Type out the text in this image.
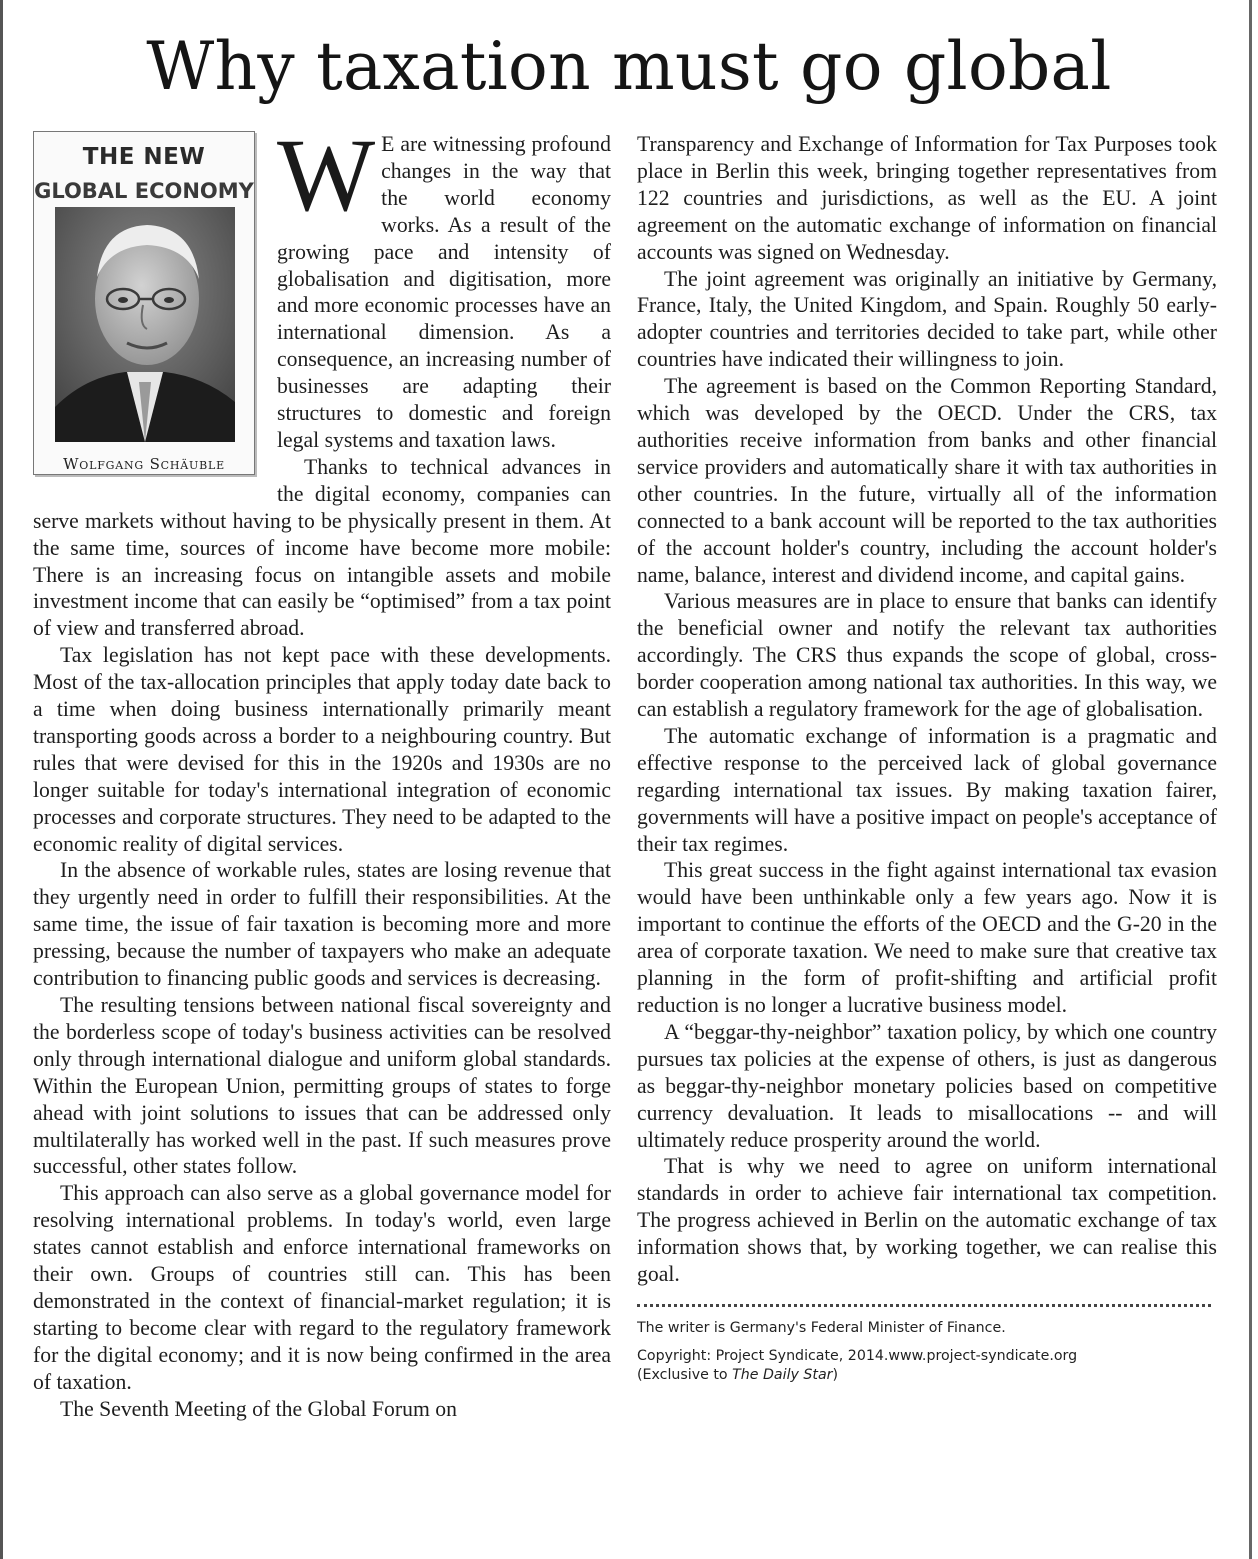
Why taxation must go global
THE NEW
GLOBAL ECONOMY
Wolfgang Schäuble
W E are witnessing profound changes in the way that the world economy works. As a result of the growing pace and intensity of globalisation and digitisation, more and more economic processes have an international dimension. As a consequence, an increasing number of businesses are adapting their structures to domestic and foreign legal systems and taxation laws.

Thanks to technical advances in the digital economy, companies can serve markets without having to be physically present in them. At the same time, sources of income have become more mobile: There is an increasing focus on intangible assets and mobile investment income that can easily be “optimised” from a tax point of view and transferred abroad.

Tax legislation has not kept pace with these developments. Most of the tax-allocation principles that apply today date back to a time when doing business internationally primarily meant transporting goods across a border to a neighbouring country. But rules that were devised for this in the 1920s and 1930s are no longer suitable for today's international integration of economic processes and corporate structures. They need to be adapted to the economic reality of digital services.

In the absence of workable rules, states are losing revenue that they urgently need in order to fulfill their responsibilities. At the same time, the issue of fair taxation is becoming more and more pressing, because the number of taxpayers who make an adequate contribution to financing public goods and services is decreasing.

The resulting tensions between national fiscal sovereignty and the borderless scope of today's business activities can be resolved only through international dialogue and uniform global standards. Within the European Union, permitting groups of states to forge ahead with joint solutions to issues that can be addressed only multilaterally has worked well in the past. If such measures prove successful, other states follow.

This approach can also serve as a global governance model for resolving international problems. In today's world, even large states cannot establish and enforce international frameworks on their own. Groups of countries still can. This has been demonstrated in the context of financial-market regulation; it is starting to become clear with regard to the regulatory framework for the digital economy; and it is now being confirmed in the area of taxation.

The Seventh Meeting of the Global Forum on

Transparency and Exchange of Information for Tax Purposes took place in Berlin this week, bringing together representatives from 122 countries and jurisdictions, as well as the EU. A joint agreement on the automatic exchange of information on financial accounts was signed on Wednesday.

The joint agreement was originally an initiative by Germany, France, Italy, the United Kingdom, and Spain. Roughly 50 early-adopter countries and territories decided to take part, while other countries have indicated their willingness to join.

The agreement is based on the Common Reporting Standard, which was developed by the OECD. Under the CRS, tax authorities receive information from banks and other financial service providers and automatically share it with tax authorities in other countries. In the future, virtually all of the information connected to a bank account will be reported to the tax authorities of the account holder's country, including the account holder's name, balance, interest and dividend income, and capital gains.

Various measures are in place to ensure that banks can identify the beneficial owner and notify the relevant tax authorities accordingly. The CRS thus expands the scope of global, cross-border cooperation among national tax authorities. In this way, we can establish a regulatory framework for the age of globalisation.

The automatic exchange of information is a pragmatic and effective response to the perceived lack of global governance regarding international tax issues. By making taxation fairer, governments will have a positive impact on people's acceptance of their tax regimes.

This great success in the fight against international tax evasion would have been unthinkable only a few years ago. Now it is important to continue the efforts of the OECD and the G-20 in the area of corporate taxation. We need to make sure that creative tax planning in the form of profit-shifting and artificial profit reduction is no longer a lucrative business model.

A “beggar-thy-neighbor” taxation policy, by which one country pursues tax policies at the expense of others, is just as dangerous as beggar-thy-neighbor monetary policies based on competitive currency devaluation. It leads to misallocations -- and will ultimately reduce prosperity around the world.

That is why we need to agree on uniform international standards in order to achieve fair international tax competition. The progress achieved in Berlin on the automatic exchange of tax information shows that, by working together, we can realise this goal.

The writer is Germany's Federal Minister of Finance.
Copyright: Project Syndicate, 2014.www.project-syndicate.org
(Exclusive to The Daily Star)
